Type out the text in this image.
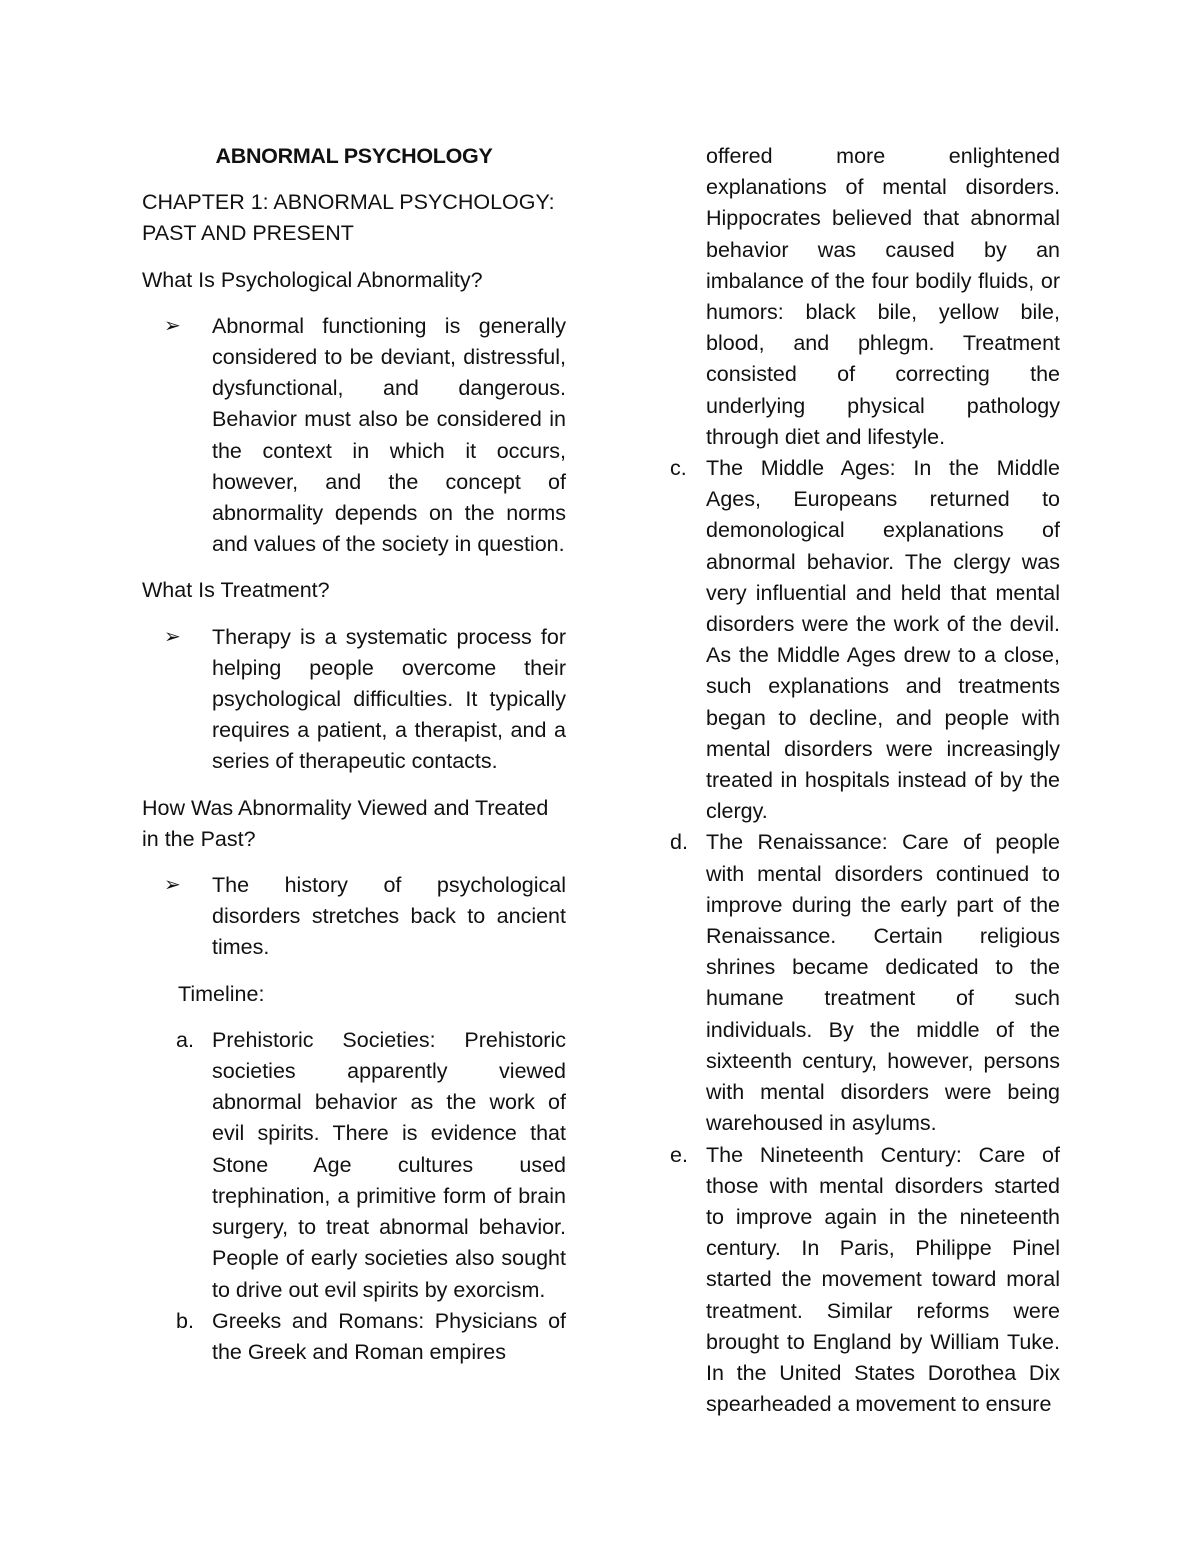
ABNORMAL PSYCHOLOGY
CHAPTER 1: ABNORMAL PSYCHOLOGY:
PAST AND PRESENT
What Is Psychological Abnormality?
➢ Abnormal functioning is generally considered to be deviant, distressful, dysfunctional, and dangerous. Behavior must also be considered in the context in which it occurs, however, and the concept of abnormality depends on the norms and values of the society in question.
What Is Treatment?
➢ Therapy is a systematic process for helping people overcome their psychological difficulties. It typically requires a patient, a therapist, and a series of therapeutic contacts.
How Was Abnormality Viewed and Treated in the Past?
➢ The history of psychological disorders stretches back to ancient times.
Timeline:
a. Prehistoric Societies: Prehistoric societies apparently viewed abnormal behavior as the work of evil spirits. There is evidence that Stone Age cultures used trephination, a primitive form of brain surgery, to treat abnormal behavior. People of early societies also sought to drive out evil spirits by exorcism.
b. Greeks and Romans: Physicians of the Greek and Roman empires
offered more enlightened explanations of mental disorders. Hippocrates believed that abnormal behavior was caused by an imbalance of the four bodily fluids, or humors: black bile, yellow bile, blood, and phlegm. Treatment consisted of correcting the underlying physical pathology through diet and lifestyle.
c. The Middle Ages: In the Middle Ages, Europeans returned to demonological explanations of abnormal behavior. The clergy was very influential and held that mental disorders were the work of the devil. As the Middle Ages drew to a close, such explanations and treatments began to decline, and people with mental disorders were increasingly treated in hospitals instead of by the clergy.
d. The Renaissance: Care of people with mental disorders continued to improve during the early part of the Renaissance. Certain religious shrines became dedicated to the humane treatment of such individuals. By the middle of the sixteenth century, however, persons with mental disorders were being warehoused in asylums.
e. The Nineteenth Century: Care of those with mental disorders started to improve again in the nineteenth century. In Paris, Philippe Pinel started the movement toward moral treatment. Similar reforms were brought to England by William Tuke. In the United States Dorothea Dix spearheaded a movement to ensure
